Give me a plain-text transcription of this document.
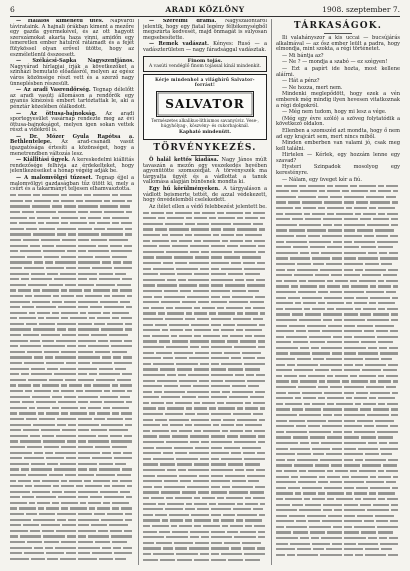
6	ARADI KÖZLÖNY	1908. szeptember 7.

— Halálos kimenetü ütés. Napvárdi távirataink. A hajnali órákban kiment a mezőre egy gazda gyermekével, és az ott hagyott szerszámokat akarta haza vinni, amidőn egy ismeretlen ember hátulról rátámadt és a fejét fütykössel olyan erővel ütötte, hogy az eszméletlenül összeesett.

— Székácsi-Sapka Nagyszentjános. Nagyvárad hírlapjai írják a következőket a szinházi bemutató előadásról, melyen az egész város közönsége részt vett és a szerző nagy ünneplésben részesült.

— Az aradi Vasrendőrség. Tegnap délelőtt az aradi vasúti állomáson a rendőrök egy gyanús kinézésű embert tartóztattak le, aki a pénztár közelében ólálkodott.

— Az öttusa-bajnokság. Az aradi sportegyesület vasárnap rendezte meg az évi öttusa-bajnokságot, melyen igen sokan vettek részt a vidékről is.

— Dr. Mózer Gyula Rapótsa a. Bethlentelepe. Az arad-csanádi vasút igazgatósága értesíti a közönséget, hogy a menetrendben változás lesz.

— Kiállitási ügyek. A kereskedelmi kiállitás rendezősége felhívja az érdekelteket, hogy jelentkezéseiket a hónap végéig adják be.

— A malomvölgyi tűzeset. Tegnap éjjel a malomvölgyi gazdaságban tűz ütött ki, mely a csűrt és a takarmányt teljesen elhamvasztotta.

— Szerelmi dráma. Nagyszalontáról jelentik, hogy egy fiatal legény féltékenységből megszúrta kedvesét, majd önmagát is súlyosan megsebesítette.

— Remek vadászat. Kényes: Rusó — a vadászterületen — nagy fáradsággal vadásztak.

Finom tojás.
A vasúti vendéglő finom tojással kínál mindenkit.
Kérje mindenhol a világhírű Salvator-forrást!
SALVATOR
Természetes alkalikus-lithiumos savanyúviz. Vese-, húgyhólyag-, köszvény- és cukorbajoknál.
Kapható mindenütt.
TÖRVÉNYKEZÉS.

Ö halál kettős kiadása. Nagy János múlt tavaszán a mezőn egy veszekedés hevében agyonütötte szomszédját. A törvényszék ma tárgyalta ügyét és a vádlottat a tanuk vallomása alapján bűnösnek mondta ki.

Egy hű körülményeken. A tárgyaláson a vádlott beismerte tettét, de azzal védekezett, hogy önvédelemből cselekedett.

Az ítélet ellen a védő felebbezést jelentett be.

TÁRKASÁGOK.

Ili valahányszor a kis uccai — bucsújárás alkalmával — az ősz ember leült a padra, hogy elmondja, mint szokta, a régi történetet.

— Mi bántja az?

— Ne ? — mondja a szabó — ez szégyen!

— Ezt a papírt ide hozta, most kellene aláírni.

— Hát a pénz?

— Ne hozza, mert nem.

Mindenki meglepődött, hogy ezek a vén emberek még mindig ilyen hevesen vitatkoznak a régi dolgokról.

— Még nem tudom, hogy mi lesz a vége.

(Még egy évre szóló) a szöveg folytatódik a következő oldalon.

Ellenben a szomszéd azt mondta, hogy ő nem ad egy krajcárt sem, mert nincs miből.

Minden emberben van valami jó, csak meg kell találni.

Hirtelen — Kérlek, egy hozzám lenne egy szavad?

Hysteri Szinpadok mosolyog egy kerestényre.

— Nálam, egy üveget kér a fiú.
